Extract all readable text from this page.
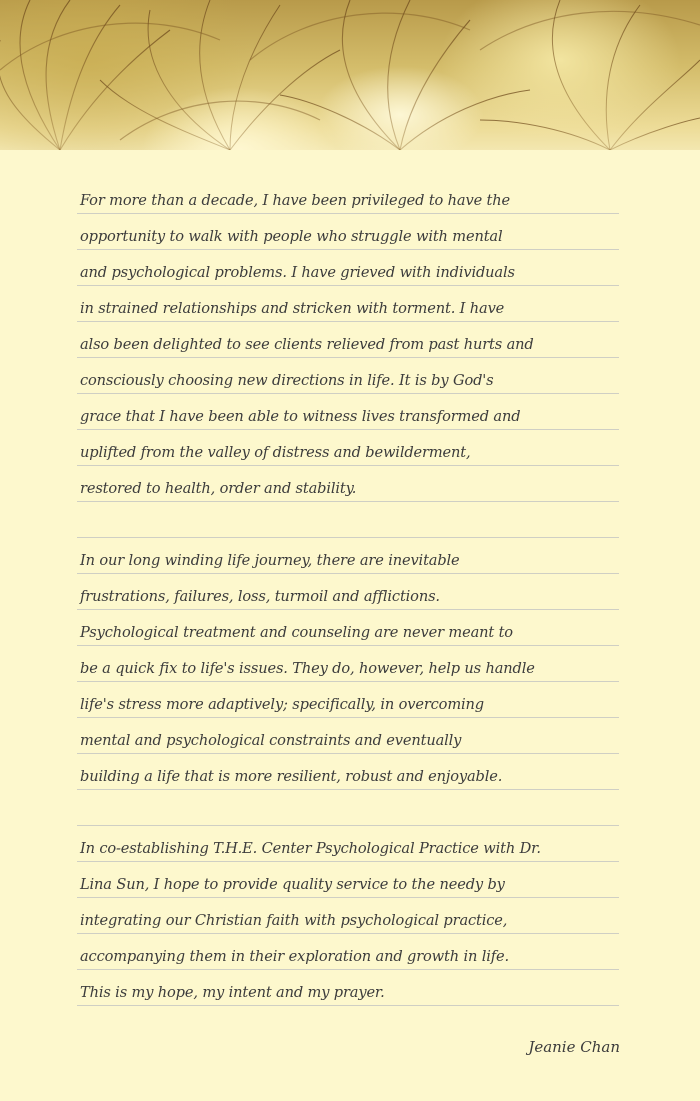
For more than a decade, I have been privileged to have the
opportunity to walk with people who struggle with mental
and psychological problems. I have grieved with individuals
in strained relationships and stricken with torment. I have
also been delighted to see clients relieved from past hurts and
consciously choosing new directions in life. It is by God's
grace that I have been able to witness lives transformed and
uplifted from the valley of distress and bewilderment,
restored to health, order and stability.
In our long winding life journey, there are inevitable
frustrations, failures, loss, turmoil and afflictions.
Psychological treatment and counseling are never meant to
be a quick fix to life's issues. They do, however, help us handle
life's stress more adaptively; specifically, in overcoming
mental and psychological constraints and eventually
building a life that is more resilient, robust and enjoyable.
In co-establishing T.H.E. Center Psychological Practice with Dr.
Lina Sun, I hope to provide quality service to the needy by
integrating our Christian faith with psychological practice,
accompanying them in their exploration and growth in life.
This is my hope, my intent and my prayer.
Jeanie Chan
